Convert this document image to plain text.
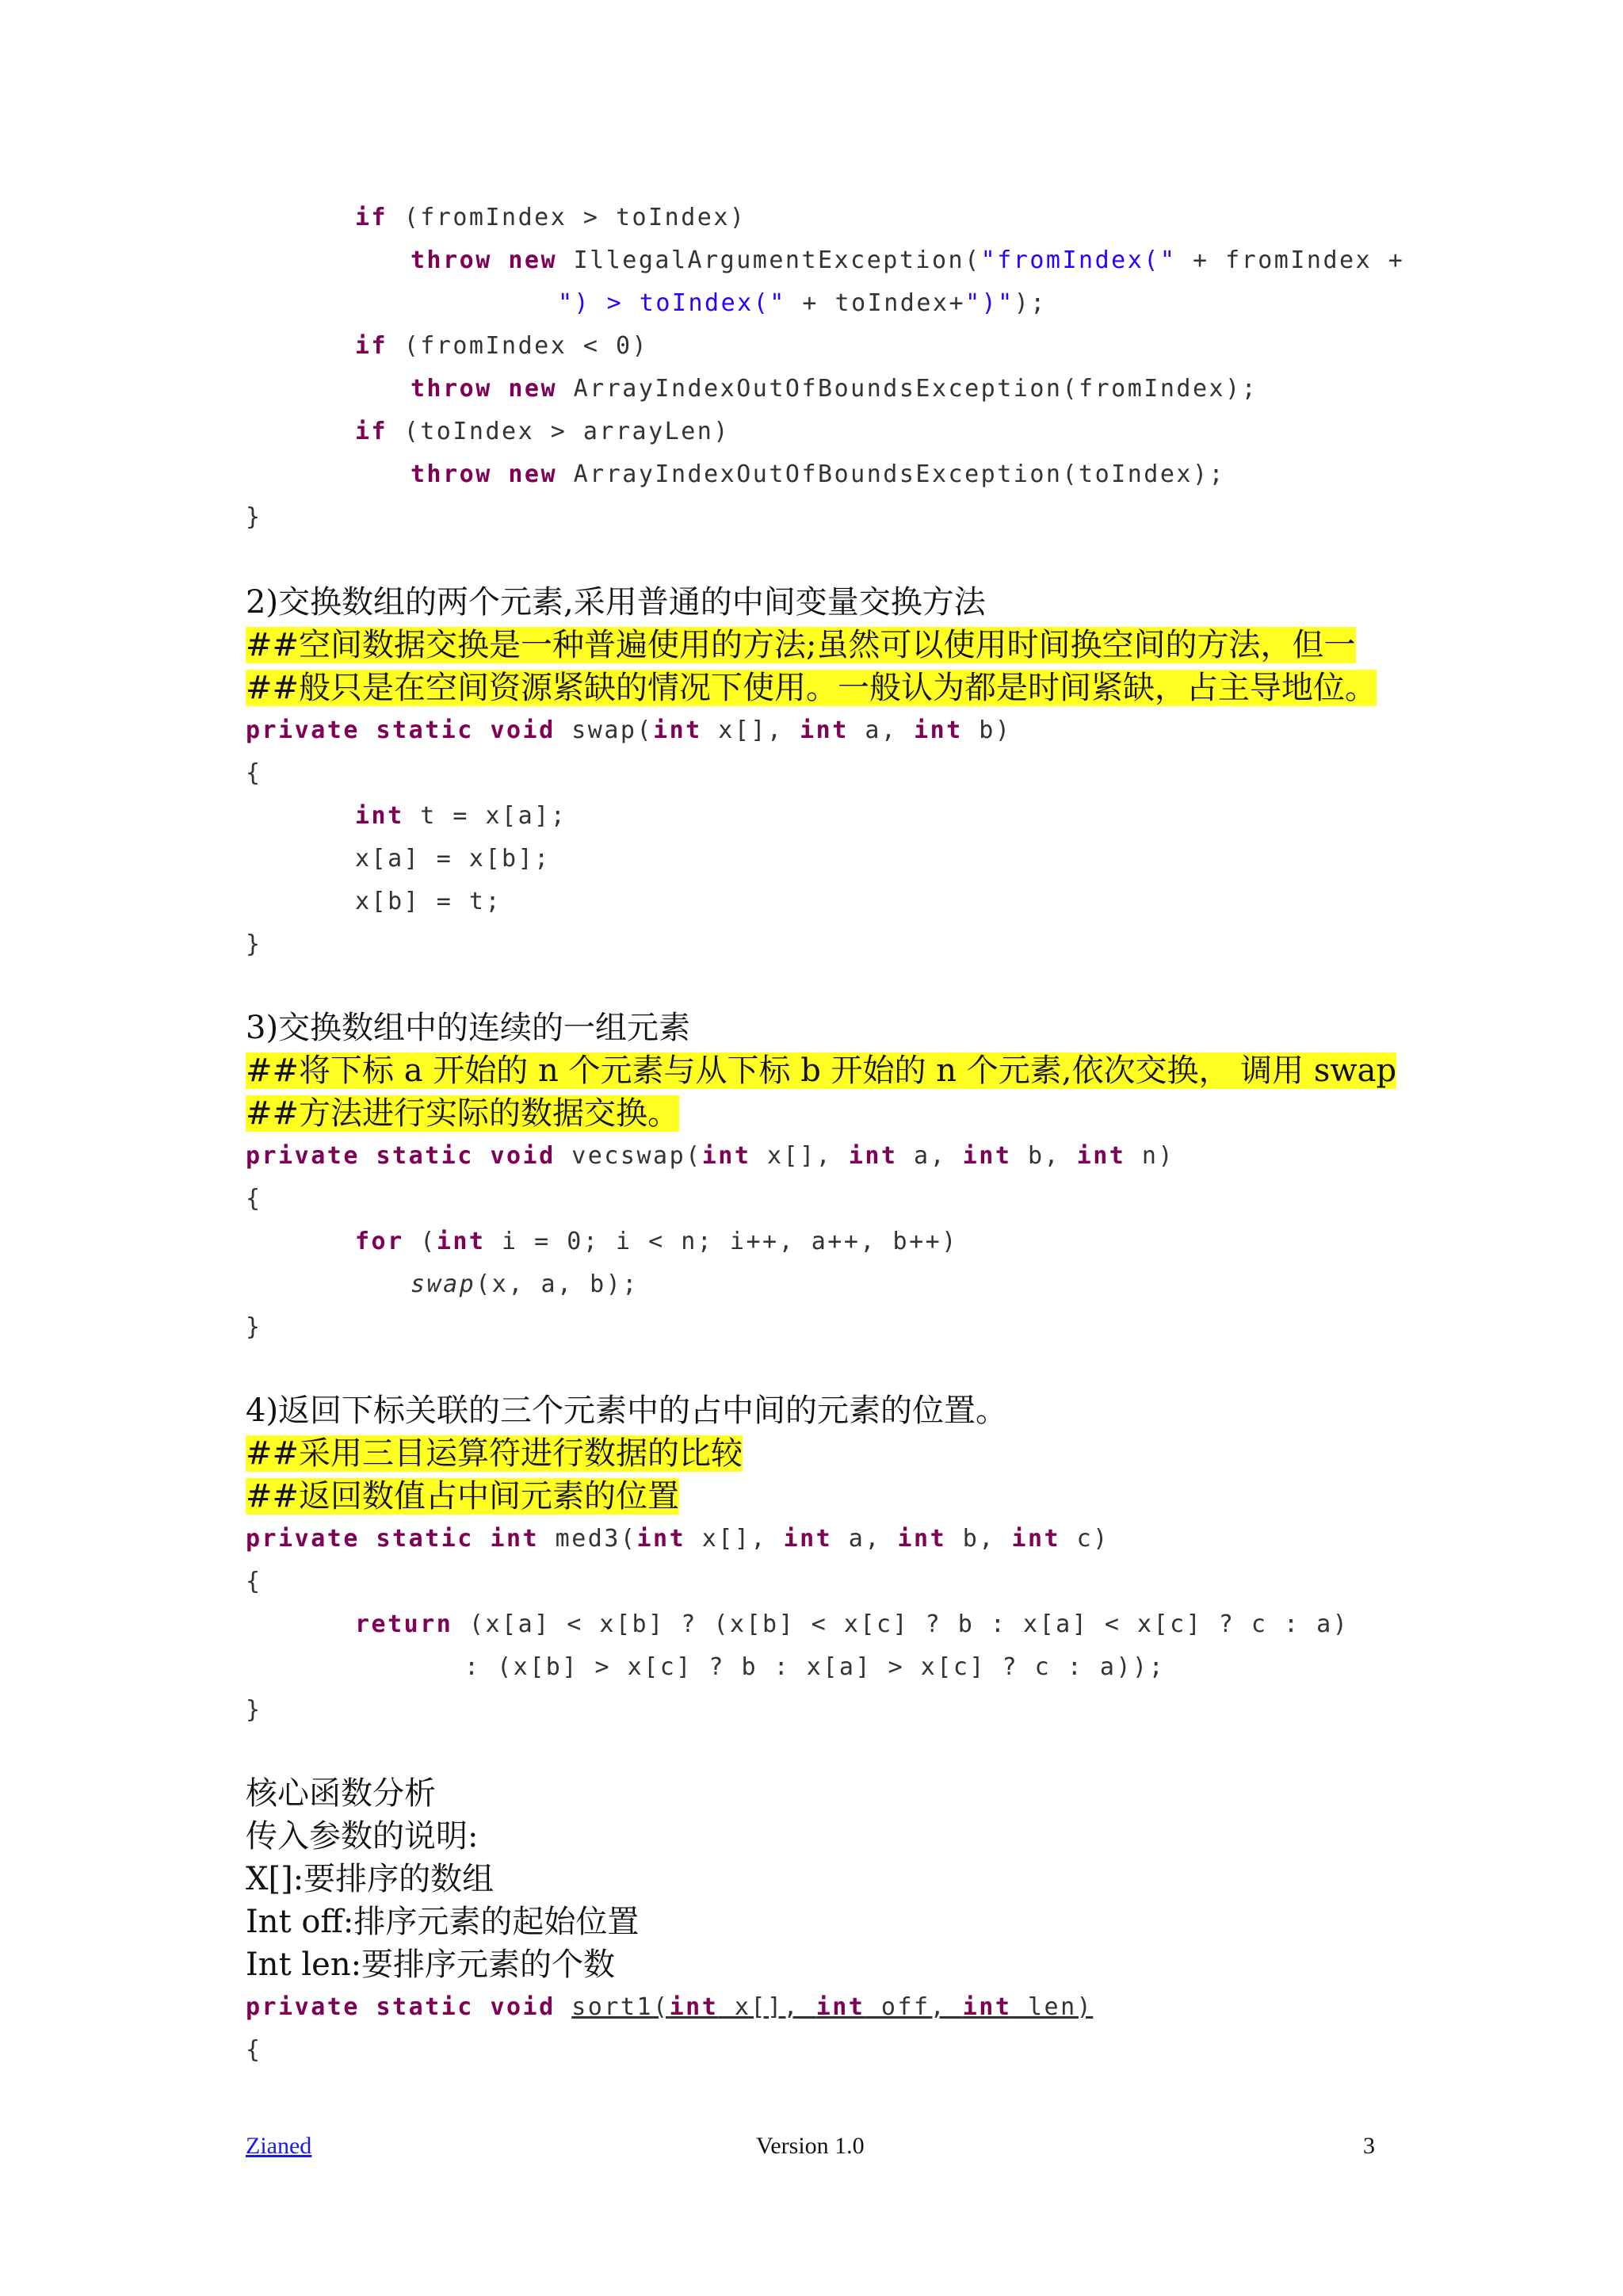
if (fromIndex > toIndex)
throw new IllegalArgumentException("fromIndex(" + fromIndex +
") > toIndex(" + toIndex+")");
if (fromIndex < 0)
throw new ArrayIndexOutOfBoundsException(fromIndex);
if (toIndex > arrayLen)
throw new ArrayIndexOutOfBoundsException(toIndex);
}
2)交换数组的两个元素,采用普通的中间变量交换方法
##空间数据交换是一种普遍使用的方法;虽然可以使用时间换空间的方法，但一
##般只是在空间资源紧缺的情况下使用。一般认为都是时间紧缺，占主导地位。
private static void swap(int x[], int a, int b)
{
int t = x[a];
x[a] = x[b];
x[b] = t;
}
3)交换数组中的连续的一组元素
##将下标 a 开始的 n 个元素与从下标 b 开始的 n 个元素,依次交换， 调用 swap
##方法进行实际的数据交换。
private static void vecswap(int x[], int a, int b, int n)
{
for (int i = 0; i < n; i++, a++, b++)
swap(x, a, b);
}
4)返回下标关联的三个元素中的占中间的元素的位置。
##采用三目运算符进行数据的比较
##返回数值占中间元素的位置
private static int med3(int x[], int a, int b, int c)
{
return (x[a] < x[b] ? (x[b] < x[c] ? b : x[a] < x[c] ? c : a)
: (x[b] > x[c] ? b : x[a] > x[c] ? c : a));
}
核心函数分析
传入参数的说明:
X[]:要排序的数组
Int off:排序元素的起始位置
Int len:要排序元素的个数
private static void sort1(int x[], int off, int len)
{
Zianed	Version 1.0	3
